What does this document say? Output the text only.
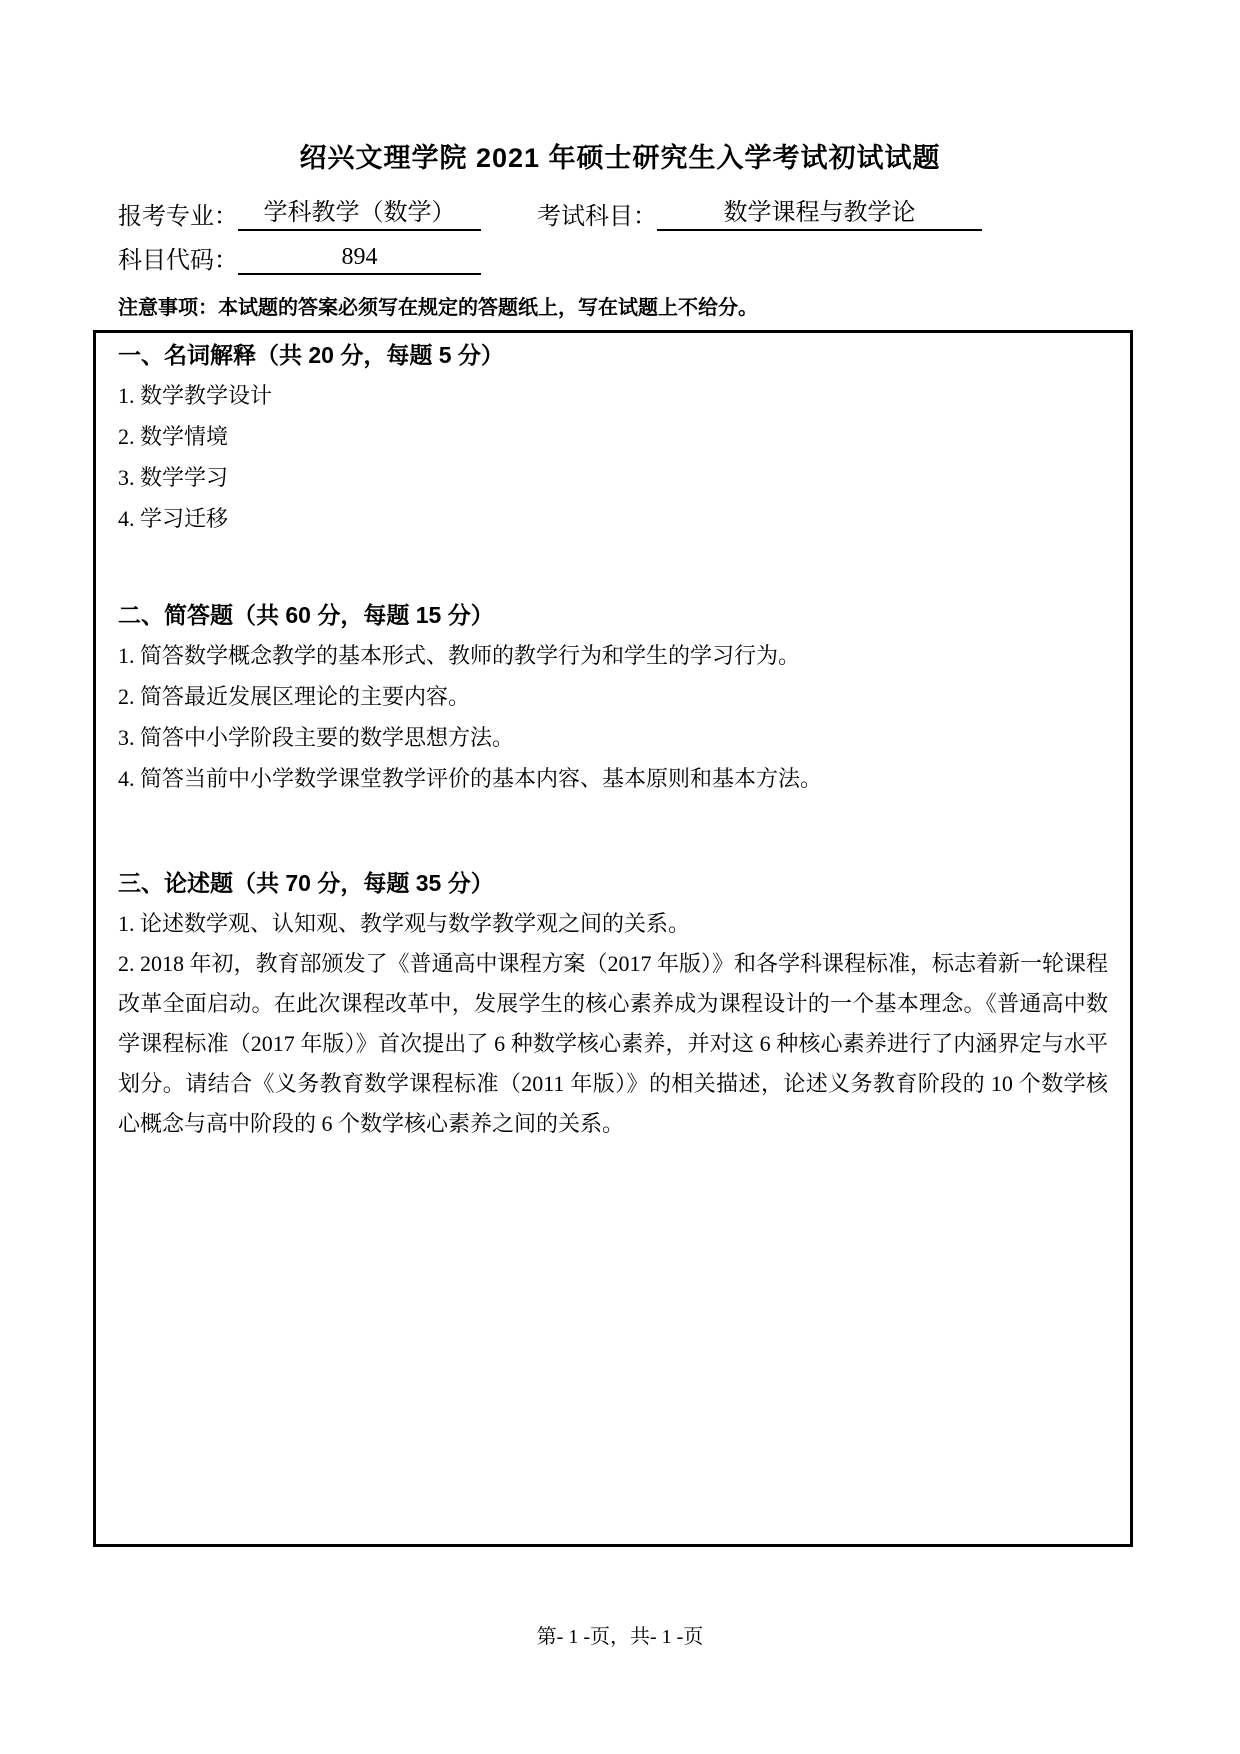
绍兴文理学院 2021 年硕士研究生入学考试初试试题
报考专业： 学科教学（数学）	考试科目：	数学课程与教学论
科目代码：	894
注意事项：本试题的答案必须写在规定的答题纸上，写在试题上不给分。
一、名词解释（共 20 分，每题 5 分）
1. 数学教学设计
2. 数学情境
3. 数学学习
4. 学习迁移
二、简答题（共 60 分，每题 15 分）
1. 简答数学概念教学的基本形式、教师的教学行为和学生的学习行为。
2. 简答最近发展区理论的主要内容。
3. 简答中小学阶段主要的数学思想方法。
4. 简答当前中小学数学课堂教学评价的基本内容、基本原则和基本方法。
三、论述题（共 70 分，每题 35 分）
1. 论述数学观、认知观、教学观与数学教学观之间的关系。
2. 2018 年初，教育部颁发了《普通高中课程方案（2017 年版）》和各学科课程标准，标志着新一轮课程改革全面启动。在此次课程改革中，发展学生的核心素养成为课程设计的一个基本理念。《普通高中数学课程标准（2017 年版）》首次提出了 6 种数学核心素养，并对这 6 种核心素养进行了内涵界定与水平划分。请结合《义务教育数学课程标准（2011 年版）》的相关描述，论述义务教育阶段的 10 个数学核心概念与高中阶段的 6 个数学核心素养之间的关系。
第- 1 -页，共- 1 -页
